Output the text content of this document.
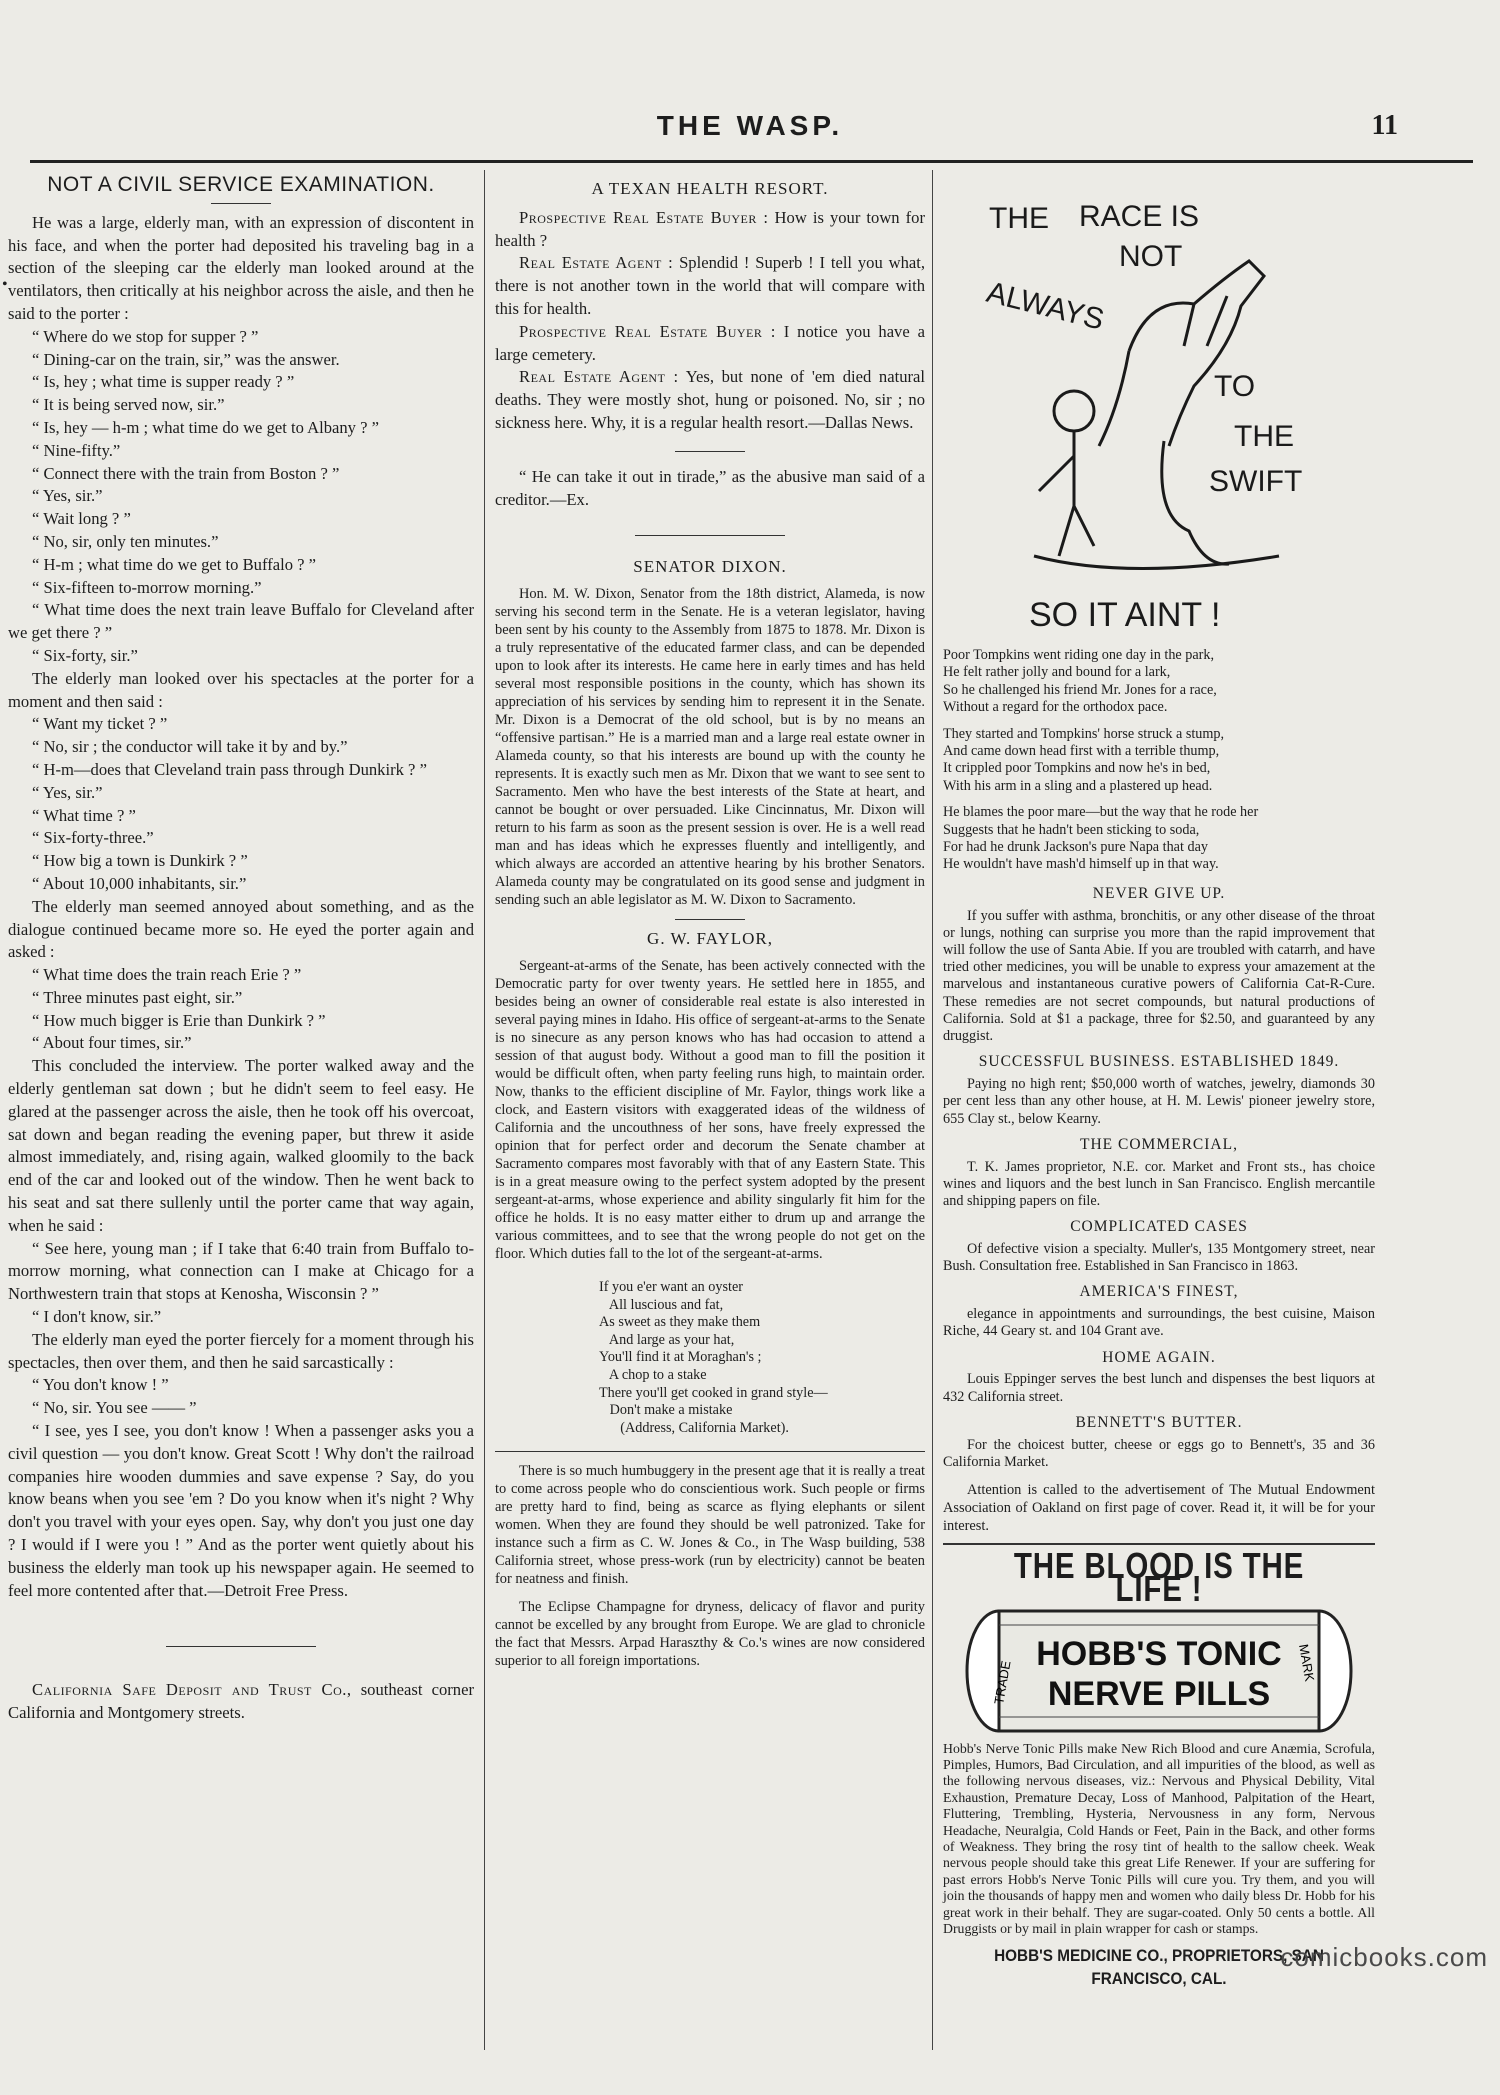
THE WASP.	11
•
NOT A CIVIL SERVICE EXAMINATION.

He was a large, elderly man, with an expression of discontent in his face, and when the porter had deposited his traveling bag in a section of the sleeping car the elderly man looked around at the ventilators, then critically at his neighbor across the aisle, and then he said to the porter :

“ Where do we stop for supper ? ”

“ Dining-car on the train, sir,” was the answer.

“ Is, hey ; what time is supper ready ? ”

“ It is being served now, sir.”

“ Is, hey — h-m ; what time do we get to Albany ? ”

“ Nine-fifty.”

“ Connect there with the train from Boston ? ”

“ Yes, sir.”

“ Wait long ? ”

“ No, sir, only ten minutes.”

“ H-m ; what time do we get to Buffalo ? ”

“ Six-fifteen to-morrow morning.”

“ What time does the next train leave Buffalo for Cleveland after we get there ? ”

“ Six-forty, sir.”

The elderly man looked over his spectacles at the porter for a moment and then said :

“ Want my ticket ? ”

“ No, sir ; the conductor will take it by and by.”

“ H-m—does that Cleveland train pass through Dunkirk ? ”

“ Yes, sir.”

“ What time ? ”

“ Six-forty-three.”

“ How big a town is Dunkirk ? ”

“ About 10,000 inhabitants, sir.”

The elderly man seemed annoyed about something, and as the dialogue continued became more so. He eyed the porter again and asked :

“ What time does the train reach Erie ? ”

“ Three minutes past eight, sir.”

“ How much bigger is Erie than Dunkirk ? ”

“ About four times, sir.”

This concluded the interview. The porter walked away and the elderly gentleman sat down ; but he didn't seem to feel easy. He glared at the passenger across the aisle, then he took off his overcoat, sat down and began reading the evening paper, but threw it aside almost immediately, and, rising again, walked gloomily to the back end of the car and looked out of the window. Then he went back to his seat and sat there sullenly until the porter came that way again, when he said :

“ See here, young man ; if I take that 6:40 train from Buffalo to-morrow morning, what connection can I make at Chicago for a Northwestern train that stops at Kenosha, Wisconsin ? ”

“ I don't know, sir.”

The elderly man eyed the porter fiercely for a moment through his spectacles, then over them, and then he said sarcastically :

“ You don't know ! ”

“ No, sir. You see —— ”

“ I see, yes I see, you don't know ! When a passenger asks you a civil question — you don't know. Great Scott ! Why don't the railroad companies hire wooden dummies and save expense ? Say, do you know beans when you see 'em ? Do you know when it's night ? Why don't you travel with your eyes open. Say, why don't you just one day ? I would if I were you ! ” And as the porter went quietly about his business the elderly man took up his newspaper again. He seemed to feel more contented after that.—Detroit Free Press.

California Safe Deposit and Trust Co., southeast corner California and Montgomery streets.

A TEXAN HEALTH RESORT.

Prospective Real Estate Buyer : How is your town for health ?

Real Estate Agent : Splendid ! Superb ! I tell you what, there is not another town in the world that will compare with this for health.

Prospective Real Estate Buyer : I notice you have a large cemetery.

Real Estate Agent : Yes, but none of 'em died natural deaths. They were mostly shot, hung or poisoned. No, sir ; no sickness here. Why, it is a regular health resort.—Dallas News.

“ He can take it out in tirade,” as the abusive man said of a creditor.—Ex.

SENATOR DIXON.

Hon. M. W. Dixon, Senator from the 18th district, Alameda, is now serving his second term in the Senate. He is a veteran legislator, having been sent by his county to the Assembly from 1875 to 1878. Mr. Dixon is a truly representative of the educated farmer class, and can be depended upon to look after its interests. He came here in early times and has held several most responsible positions in the county, which has shown its appreciation of his services by sending him to represent it in the Senate. Mr. Dixon is a Democrat of the old school, but is by no means an “offensive partisan.” He is a married man and a large real estate owner in Alameda county, so that his interests are bound up with the county he represents. It is exactly such men as Mr. Dixon that we want to see sent to Sacramento. Men who have the best interests of the State at heart, and cannot be bought or over persuaded. Like Cincinnatus, Mr. Dixon will return to his farm as soon as the present session is over. He is a well read man and has ideas which he expresses fluently and intelligently, and which always are accorded an attentive hearing by his brother Senators. Alameda county may be congratulated on its good sense and judgment in sending such an able legislator as M. W. Dixon to Sacramento.

G. W. FAYLOR,

Sergeant-at-arms of the Senate, has been actively connected with the Democratic party for over twenty years. He settled here in 1855, and besides being an owner of considerable real estate is also interested in several paying mines in Idaho. His office of sergeant-at-arms to the Senate is no sinecure as any person knows who has had occasion to attend a session of that august body. Without a good man to fill the position it would be difficult often, when party feeling runs high, to maintain order. Now, thanks to the efficient discipline of Mr. Faylor, things work like a clock, and Eastern visitors with exaggerated ideas of the wildness of California and the uncouthness of her sons, have freely expressed the opinion that for perfect order and decorum the Senate chamber at Sacramento compares most favorably with that of any Eastern State. This is in a great measure owing to the perfect system adopted by the present sergeant-at-arms, whose experience and ability singularly fit him for the office he holds. It is no easy matter either to drum up and arrange the various committees, and to see that the wrong people do not get on the floor. Which duties fall to the lot of the sergeant-at-arms.

If you e'er want an oyster

All luscious and fat,

As sweet as they make them

And large as your hat,

You'll find it at Moraghan's ;

A chop to a stake

There you'll get cooked in grand style—

Don't make a mistake

(Address, California Market).

There is so much humbuggery in the present age that it is really a treat to come across people who do conscientious work. Such people or firms are pretty hard to find, being as scarce as flying elephants or silent women. When they are found they should be well patronized. Take for instance such a firm as C. W. Jones & Co., in The Wasp building, 538 California street, whose press-work (run by electricity) cannot be beaten for neatness and finish.

The Eclipse Champagne for dryness, delicacy of flavor and purity cannot be excelled by any brought from Europe. We are glad to chronicle the fact that Messrs. Arpad Haraszthy & Co.'s wines are now considered superior to all foreign importations.

THE RACE IS
NOT
ALWAYS
TO
THE
SWIFT
SO IT AINT !
Poor Tompkins went riding one day in the park,
He felt rather jolly and bound for a lark,
So he challenged his friend Mr. Jones for a race,
Without a regard for the orthodox pace.
They started and Tompkins' horse struck a stump,
And came down head first with a terrible thump,
It crippled poor Tompkins and now he's in bed,
With his arm in a sling and a plastered up head.
He blames the poor mare—but the way that he rode her
Suggests that he hadn't been sticking to soda,
For had he drunk Jackson's pure Napa that day
He wouldn't have mash'd himself up in that way.
NEVER GIVE UP.

If you suffer with asthma, bronchitis, or any other disease of the throat or lungs, nothing can surprise you more than the rapid improvement that will follow the use of Santa Abie. If you are troubled with catarrh, and have tried other medicines, you will be unable to express your amazement at the marvelous and instantaneous curative powers of California Cat-R-Cure. These remedies are not secret compounds, but natural productions of California. Sold at $1 a package, three for $2.50, and guaranteed by any druggist.

SUCCESSFUL BUSINESS. ESTABLISHED 1849.

Paying no high rent; $50,000 worth of watches, jewelry, diamonds 30 per cent less than any other house, at H. M. Lewis' pioneer jewelry store, 655 Clay st., below Kearny.

THE COMMERCIAL,

T. K. James proprietor, N.E. cor. Market and Front sts., has choice wines and liquors and the best lunch in San Francisco. English mercantile and shipping papers on file.

COMPLICATED CASES

Of defective vision a specialty. Muller's, 135 Montgomery street, near Bush. Consultation free. Established in San Francisco in 1863.

AMERICA'S FINEST,

elegance in appointments and surroundings, the best cuisine, Maison Riche, 44 Geary st. and 104 Grant ave.

HOME AGAIN.

Louis Eppinger serves the best lunch and dispenses the best liquors at 432 California street.

BENNETT'S BUTTER.

For the choicest butter, cheese or eggs go to Bennett's, 35 and 36 California Market.

Attention is called to the advertisement of The Mutual Endowment Association of Oakland on first page of cover. Read it, it will be for your interest.

THE BLOOD IS THE LIFE !
TRADE	MARK
HOBB'S TONIC
NERVE PILLS
Hobb's Nerve Tonic Pills make New Rich Blood and cure Anæmia, Scrofula, Pimples, Humors, Bad Circulation, and all impurities of the blood, as well as the following nervous diseases, viz.: Nervous and Physical Debility, Vital Exhaustion, Premature Decay, Loss of Manhood, Palpitation of the Heart, Fluttering, Trembling, Hysteria, Nervousness in any form, Nervous Headache, Neuralgia, Cold Hands or Feet, Pain in the Back, and other forms of Weakness. They bring the rosy tint of health to the sallow cheek. Weak nervous people should take this great Life Renewer. If your are suffering for past errors Hobb's Nerve Tonic Pills will cure you. Try them, and you will join the thousands of happy men and women who daily bless Dr. Hobb for his great work in their behalf. They are sugar-coated. Only 50 cents a bottle. All Druggists or by mail in plain wrapper for cash or stamps.
HOBB'S MEDICINE CO., PROPRIETORS, SAN FRANCISCO, CAL.
comicbooks.com
